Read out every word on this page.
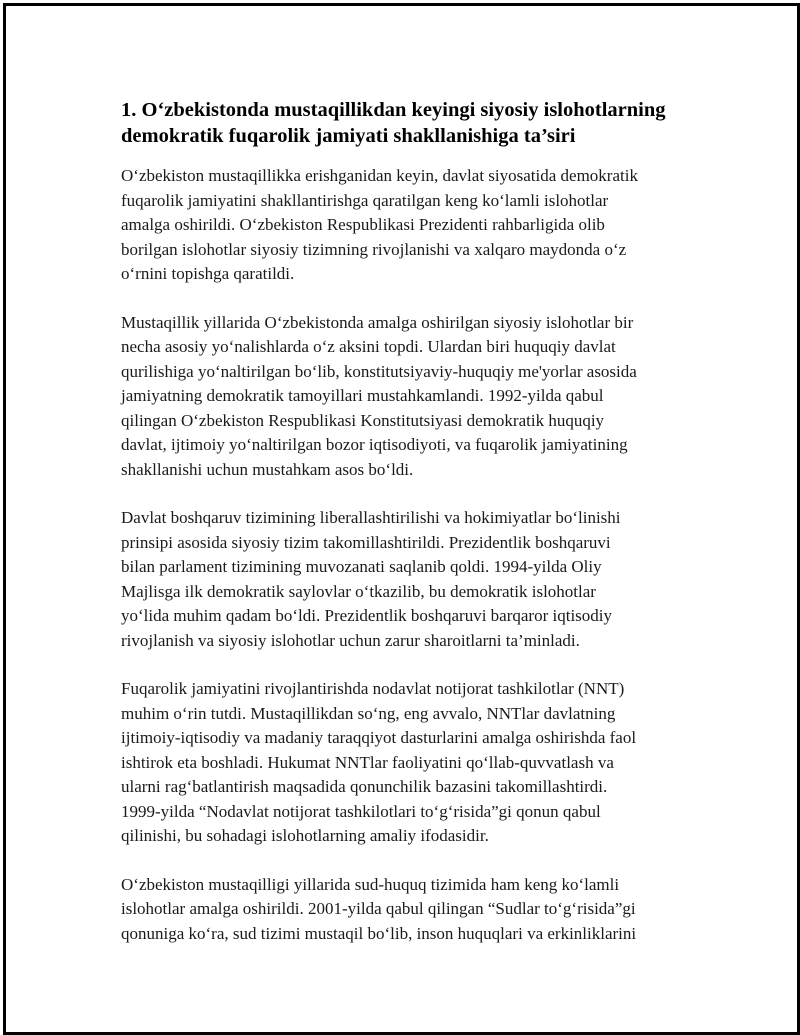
1. O‘zbekistonda mustaqillikdan keyingi siyosiy islohotlarning
demokratik fuqarolik jamiyati shakllanishiga ta’siri

O‘zbekiston mustaqillikka erishganidan keyin, davlat siyosatida demokratik
fuqarolik jamiyatini shakllantirishga qaratilgan keng ko‘lamli islohotlar
amalga oshirildi. O‘zbekiston Respublikasi Prezidenti rahbarligida olib
borilgan islohotlar siyosiy tizimning rivojlanishi va xalqaro maydonda o‘z
o‘rnini topishga qaratildi.

Mustaqillik yillarida O‘zbekistonda amalga oshirilgan siyosiy islohotlar bir
necha asosiy yo‘nalishlarda o‘z aksini topdi. Ulardan biri huquqiy davlat
qurilishiga yo‘naltirilgan bo‘lib, konstitutsiyaviy-huquqiy me'yorlar asosida
jamiyatning demokratik tamoyillari mustahkamlandi. 1992-yilda qabul
qilingan O‘zbekiston Respublikasi Konstitutsiyasi demokratik huquqiy
davlat, ijtimoiy yo‘naltirilgan bozor iqtisodiyoti, va fuqarolik jamiyatining
shakllanishi uchun mustahkam asos bo‘ldi.

Davlat boshqaruv tizimining liberallashtirilishi va hokimiyatlar bo‘linishi
prinsipi asosida siyosiy tizim takomillashtirildi. Prezidentlik boshqaruvi
bilan parlament tizimining muvozanati saqlanib qoldi. 1994-yilda Oliy
Majlisga ilk demokratik saylovlar o‘tkazilib, bu demokratik islohotlar
yo‘lida muhim qadam bo‘ldi. Prezidentlik boshqaruvi barqaror iqtisodiy
rivojlanish va siyosiy islohotlar uchun zarur sharoitlarni ta’minladi.

Fuqarolik jamiyatini rivojlantirishda nodavlat notijorat tashkilotlar (NNT)
muhim o‘rin tutdi. Mustaqillikdan so‘ng, eng avvalo, NNTlar davlatning
ijtimoiy-iqtisodiy va madaniy taraqqiyot dasturlarini amalga oshirishda faol
ishtirok eta boshladi. Hukumat NNTlar faoliyatini qo‘llab-quvvatlash va
ularni rag‘batlantirish maqsadida qonunchilik bazasini takomillashtirdi.
1999-yilda “Nodavlat notijorat tashkilotlari to‘g‘risida”gi qonun qabul
qilinishi, bu sohadagi islohotlarning amaliy ifodasidir.

O‘zbekiston mustaqilligi yillarida sud-huquq tizimida ham keng ko‘lamli
islohotlar amalga oshirildi. 2001-yilda qabul qilingan “Sudlar to‘g‘risida”gi
qonuniga ko‘ra, sud tizimi mustaqil bo‘lib, inson huquqlari va erkinliklarini
